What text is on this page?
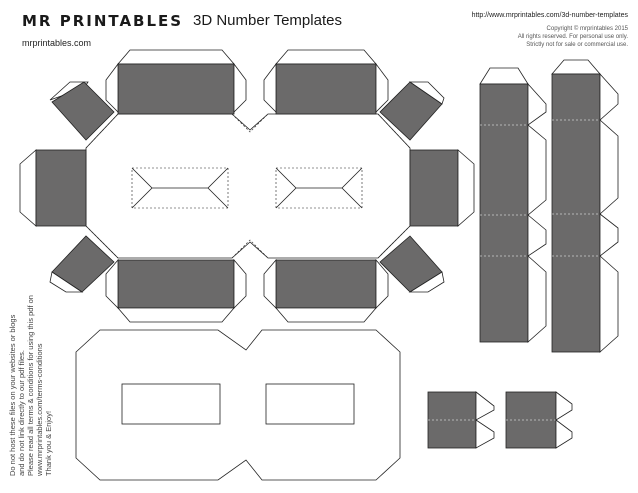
MR PRINTABLES
mrprintables.com
3D Number Templates	http://www.mrprintables.com/3d-number-templates
Copyright © mrprintables 2015
All rights reserved. For personal use only.
Strictly not for sale or commercial use.
Do not host these files on your websites or blogs and do not link directly to our pdf files. Please read all terms & conditions for using this pdf on www.mrprintables.com/terms-conditions Thank you & Enjoy!
